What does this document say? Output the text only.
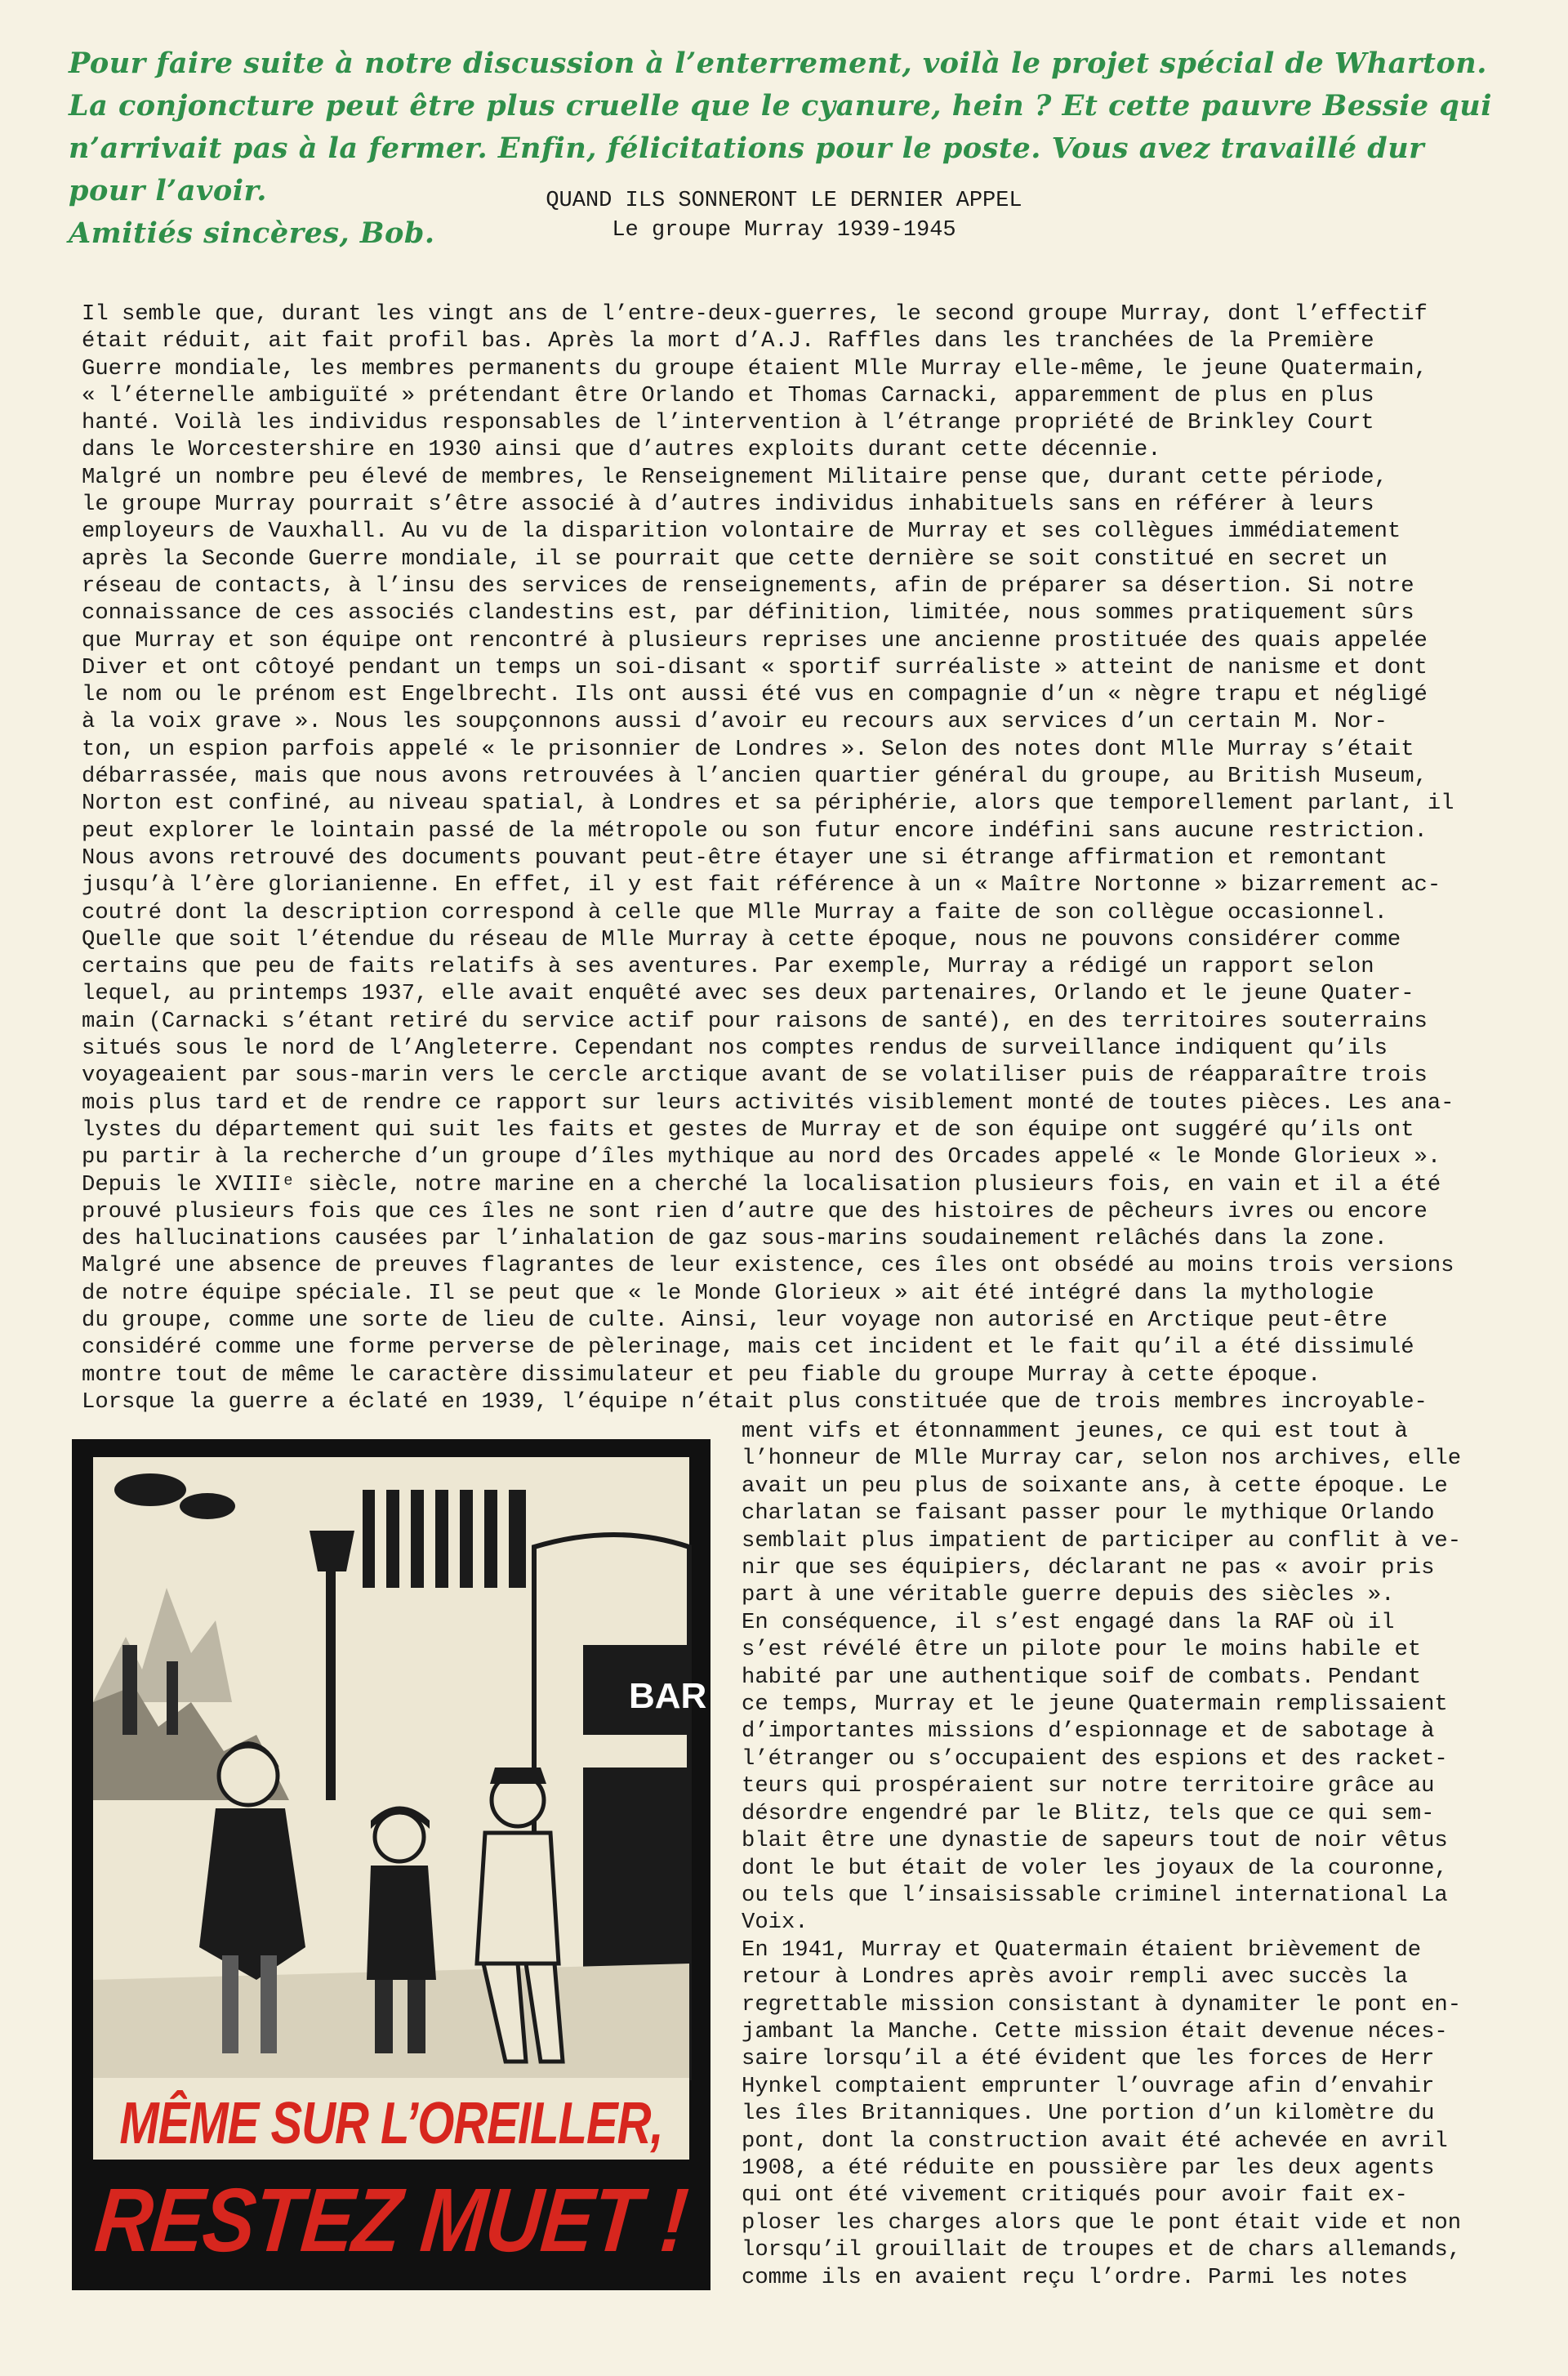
Pour faire suite à notre discussion à l’enterrement, voilà le projet spécial de Wharton.

La conjoncture peut être plus cruelle que le cyanure, hein ? Et cette pauvre Bessie qui

n’arrivait pas à la fermer. Enfin, félicitations pour le poste. Vous avez travaillé dur

pour l’avoir.

Amitiés sincères, Bob.

QUAND ILS SONNERONT LE DERNIER APPEL
Le groupe Murray 1939-1945
Il semble que, durant les vingt ans de l’entre-deux-guerres, le second groupe Murray, dont l’effectif
était réduit, ait fait profil bas. Après la mort d’A.J. Raffles dans les tranchées de la Première
Guerre mondiale, les membres permanents du groupe étaient Mlle Murray elle-même, le jeune Quatermain,
« l’éternelle ambiguïté » prétendant être Orlando et Thomas Carnacki, apparemment de plus en plus
hanté. Voilà les individus responsables de l’intervention à l’étrange propriété de Brinkley Court
dans le Worcestershire en 1930 ainsi que d’autres exploits durant cette décennie.
Malgré un nombre peu élevé de membres, le Renseignement Militaire pense que, durant cette période,
le groupe Murray pourrait s’être associé à d’autres individus inhabituels sans en référer à leurs
employeurs de Vauxhall. Au vu de la disparition volontaire de Murray et ses collègues immédiatement
après la Seconde Guerre mondiale, il se pourrait que cette dernière se soit constitué en secret un
réseau de contacts, à l’insu des services de renseignements, afin de préparer sa désertion. Si notre
connaissance de ces associés clandestins est, par définition, limitée, nous sommes pratiquement sûrs
que Murray et son équipe ont rencontré à plusieurs reprises une ancienne prostituée des quais appelée
Diver et ont côtoyé pendant un temps un soi-disant « sportif surréaliste » atteint de nanisme et dont
le nom ou le prénom est Engelbrecht. Ils ont aussi été vus en compagnie d’un « nègre trapu et négligé
à la voix grave ». Nous les soupçonnons aussi d’avoir eu recours aux services d’un certain M. Nor-
ton, un espion parfois appelé « le prisonnier de Londres ». Selon des notes dont Mlle Murray s’était
débarrassée, mais que nous avons retrouvées à l’ancien quartier général du groupe, au British Museum,
Norton est confiné, au niveau spatial, à Londres et sa périphérie, alors que temporellement parlant, il
peut explorer le lointain passé de la métropole ou son futur encore indéfini sans aucune restriction.
Nous avons retrouvé des documents pouvant peut-être étayer une si étrange affirmation et remontant
jusqu’à l’ère glorianienne. En effet, il y est fait référence à un « Maître Nortonne » bizarrement ac-
coutré dont la description correspond à celle que Mlle Murray a faite de son collègue occasionnel.
Quelle que soit l’étendue du réseau de Mlle Murray à cette époque, nous ne pouvons considérer comme
certains que peu de faits relatifs à ses aventures. Par exemple, Murray a rédigé un rapport selon
lequel, au printemps 1937, elle avait enquêté avec ses deux partenaires, Orlando et le jeune Quater-
main (Carnacki s’étant retiré du service actif pour raisons de santé), en des territoires souterrains
situés sous le nord de l’Angleterre. Cependant nos comptes rendus de surveillance indiquent qu’ils
voyageaient par sous-marin vers le cercle arctique avant de se volatiliser puis de réapparaître trois
mois plus tard et de rendre ce rapport sur leurs activités visiblement monté de toutes pièces. Les ana-
lystes du département qui suit les faits et gestes de Murray et de son équipe ont suggéré qu’ils ont
pu partir à la recherche d’un groupe d’îles mythique au nord des Orcades appelé « le Monde Glorieux ».
Depuis le XVIIIᵉ siècle, notre marine en a cherché la localisation plusieurs fois, en vain et il a été
prouvé plusieurs fois que ces îles ne sont rien d’autre que des histoires de pêcheurs ivres ou encore
des hallucinations causées par l’inhalation de gaz sous-marins soudainement relâchés dans la zone.
Malgré une absence de preuves flagrantes de leur existence, ces îles ont obsédé au moins trois versions
de notre équipe spéciale. Il se peut que « le Monde Glorieux » ait été intégré dans la mythologie
du groupe, comme une sorte de lieu de culte. Ainsi, leur voyage non autorisé en Arctique peut-être
considéré comme une forme perverse de pèlerinage, mais cet incident et le fait qu’il a été dissimulé
montre tout de même le caractère dissimulateur et peu fiable du groupe Murray à cette époque.
Lorsque la guerre a éclaté en 1939, l’équipe n’était plus constituée que de trois membres incroyable-
ment vifs et étonnamment jeunes, ce qui est tout à
l’honneur de Mlle Murray car, selon nos archives, elle
avait un peu plus de soixante ans, à cette époque. Le
charlatan se faisant passer pour le mythique Orlando
semblait plus impatient de participer au conflit à ve-
nir que ses équipiers, déclarant ne pas « avoir pris
part à une véritable guerre depuis des siècles ».
En conséquence, il s’est engagé dans la RAF où il
s’est révélé être un pilote pour le moins habile et
habité par une authentique soif de combats. Pendant
ce temps, Murray et le jeune Quatermain remplissaient
d’importantes missions d’espionnage et de sabotage à
l’étranger ou s’occupaient des espions et des racket-
teurs qui prospéraient sur notre territoire grâce au
désordre engendré par le Blitz, tels que ce qui sem-
blait être une dynastie de sapeurs tout de noir vêtus
dont le but était de voler les joyaux de la couronne,
ou tels que l’insaisissable criminel international La
Voix.
En 1941, Murray et Quatermain étaient brièvement de
retour à Londres après avoir rempli avec succès la
regrettable mission consistant à dynamiter le pont en-
jambant la Manche. Cette mission était devenue néces-
saire lorsqu’il a été évident que les forces de Herr
Hynkel comptaient emprunter l’ouvrage afin d’envahir
les îles Britanniques. Une portion d’un kilomètre du
pont, dont la construction avait été achevée en avril
1908, a été réduite en poussière par les deux agents
qui ont été vivement critiqués pour avoir fait ex-
ploser les charges alors que le pont était vide et non
lorsqu’il grouillait de troupes et de chars allemands,
comme ils en avaient reçu l’ordre. Parmi les notes
BAR
MÊME SUR L’OREILLER,
RESTEZ MUET !
